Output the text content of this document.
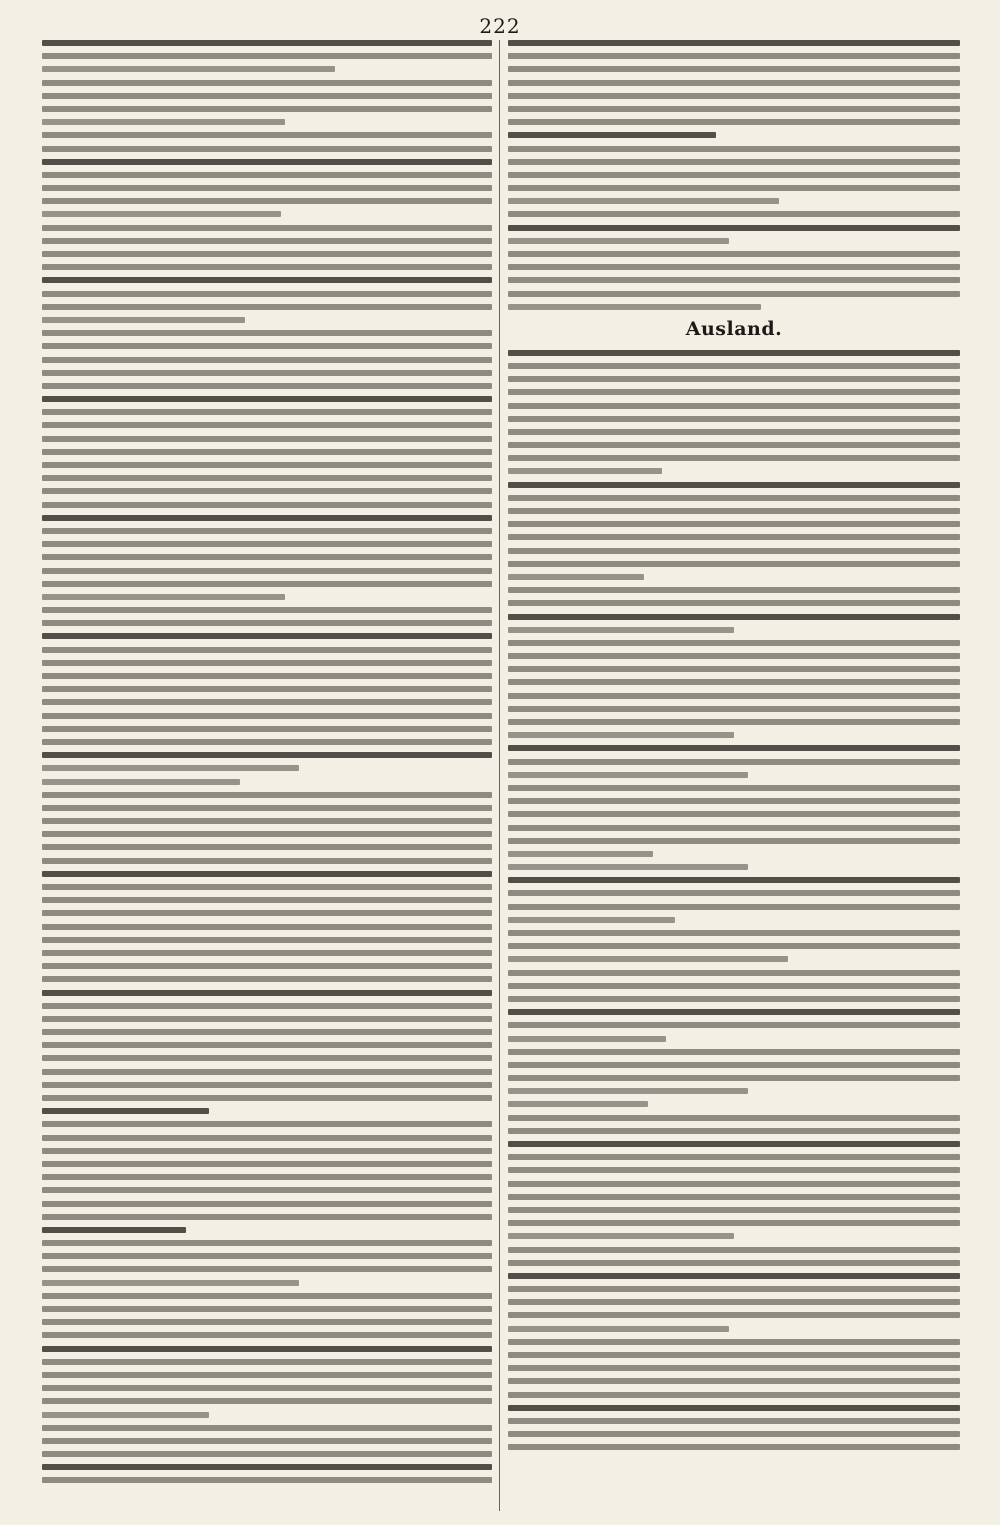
222
Ausland.
